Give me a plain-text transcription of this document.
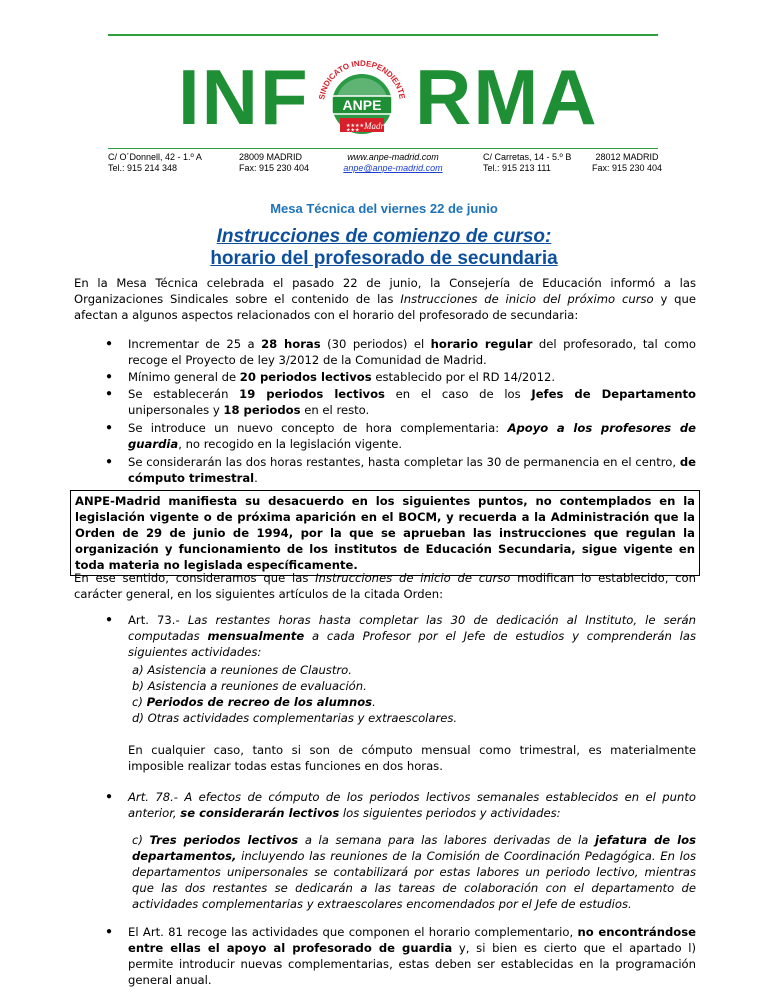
INF SINDICATO INDEPENDIENTE
ANPE
★★★★
★★★ Madrid RMA
C/ O´Donnell, 42 - 1.º A
Tel.: 915 214 348
28009 MADRID
Fax: 915 230 404
www.anpe-madrid.com
anpe@anpe-madrid.com
C/ Carretas, 14 - 5.º B
Tel.: 915 213 111
28012 MADRID
Fax: 915 230 404
Mesa Técnica del viernes 22 de junio
Instrucciones de comienzo de curso:
horario del profesorado de secundaria
En la Mesa Técnica celebrada el pasado 22 de junio, la Consejería de Educación informó a las Organizaciones Sindicales sobre el contenido de las Instrucciones de inicio del próximo curso y que afectan a algunos aspectos relacionados con el horario del profesorado de secundaria:
● Incrementar de 25 a 28 horas (30 periodos) el horario regular del profesorado, tal como recoge el Proyecto de ley 3/2012 de la Comunidad de Madrid.
● Mínimo general de 20 periodos lectivos establecido por el RD 14/2012.
● Se establecerán 19 periodos lectivos en el caso de los Jefes de Departamento unipersonales y 18 periodos en el resto.
● Se introduce un nuevo concepto de hora complementaria: Apoyo a los profesores de guardia, no recogido en la legislación vigente.
● Se considerarán las dos horas restantes, hasta completar las 30 de permanencia en el centro, de cómputo trimestral.
ANPE-Madrid manifiesta su desacuerdo en los siguientes puntos, no contemplados en la legislación vigente o de próxima aparición en el BOCM, y recuerda a la Administración que la Orden de 29 de junio de 1994, por la que se aprueban las instrucciones que regulan la organización y funcionamiento de los institutos de Educación Secundaria, sigue vigente en toda materia no legislada específicamente.
En ese sentido, consideramos que las Instrucciones de inicio de curso modifican lo establecido, con carácter general, en los siguientes artículos de la citada Orden:
● Art. 73.- Las restantes horas hasta completar las 30 de dedicación al Instituto, le serán computadas mensualmente a cada Profesor por el Jefe de estudios y comprenderán las siguientes actividades:
a) Asistencia a reuniones de Claustro.
b) Asistencia a reuniones de evaluación.
c) Periodos de recreo de los alumnos.
d) Otras actividades complementarias y extraescolares.
En cualquier caso, tanto si son de cómputo mensual como trimestral, es materialmente imposible realizar todas estas funciones en dos horas.
● Art. 78.- A efectos de cómputo de los periodos lectivos semanales establecidos en el punto anterior, se considerarán lectivos los siguientes periodos y actividades:
c) Tres periodos lectivos a la semana para las labores derivadas de la jefatura de los departamentos, incluyendo las reuniones de la Comisión de Coordinación Pedagógica. En los departamentos unipersonales se contabilizará por estas labores un periodo lectivo, mientras que las dos restantes se dedicarán a las tareas de colaboración con el departamento de actividades complementarias y extraescolares encomendados por el Jefe de estudios.
● El Art. 81 recoge las actividades que componen el horario complementario, no encontrándose entre ellas el apoyo al profesorado de guardia y, si bien es cierto que el apartado l) permite introducir nuevas complementarias, estas deben ser establecidas en la programación general anual.
